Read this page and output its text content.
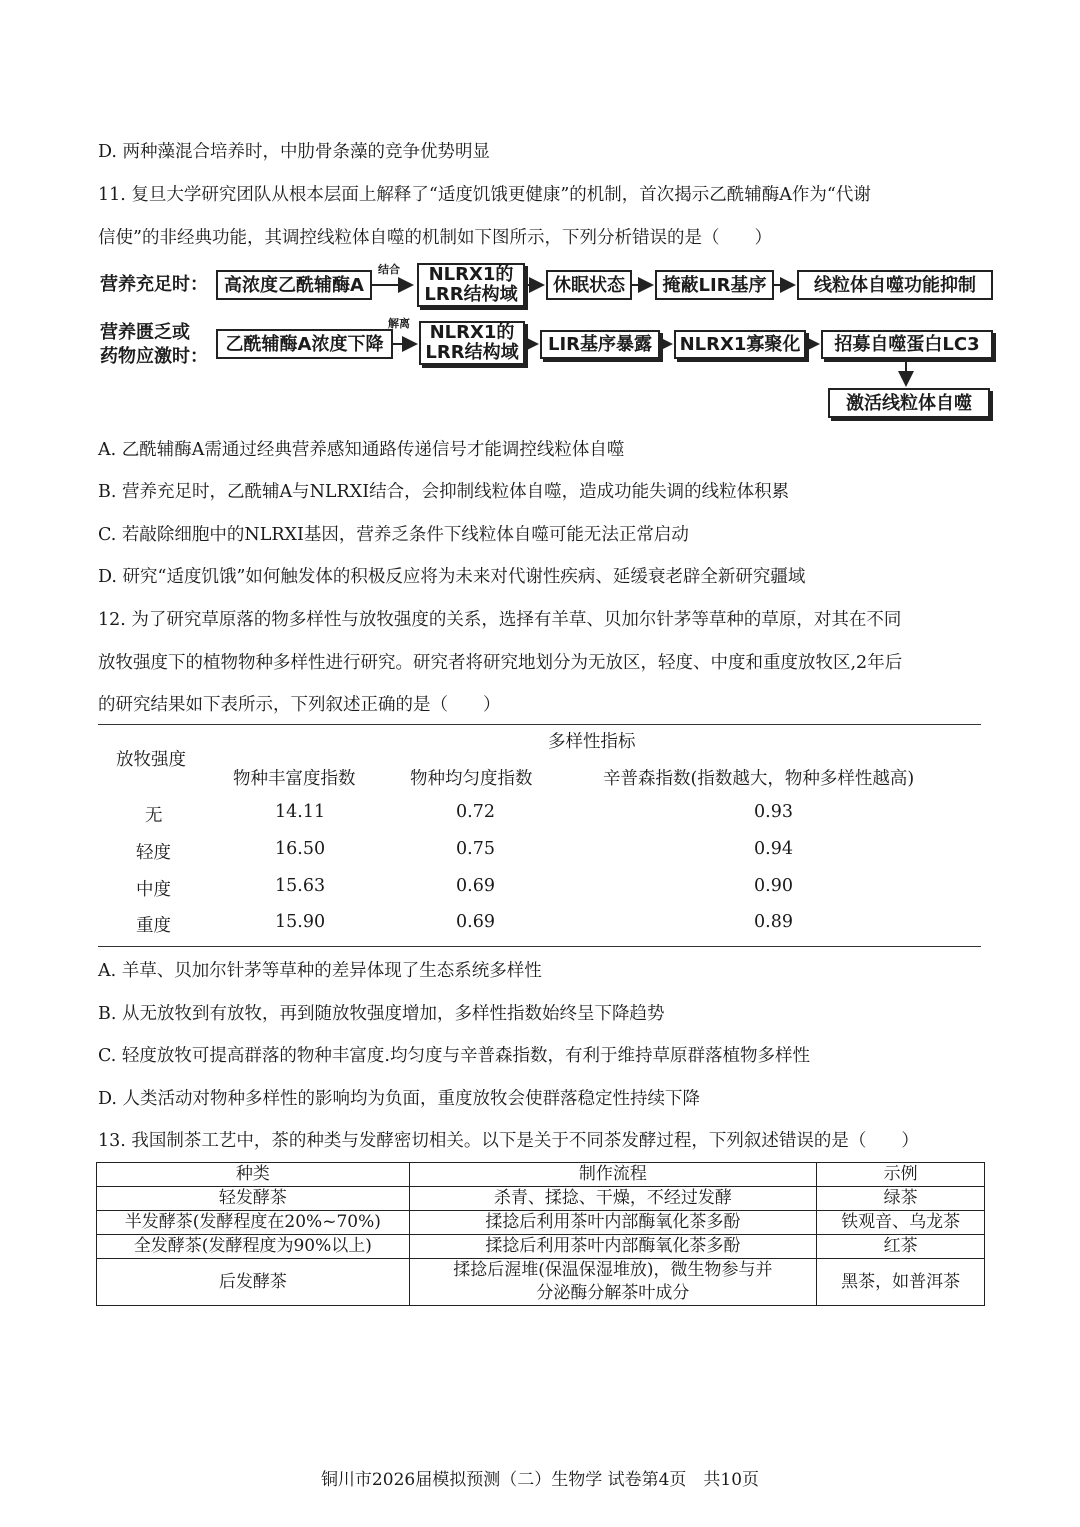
D. 两种藻混合培养时，中肋骨条藻的竞争优势明显
11. 复旦大学研究团队从根本层面上解释了“适度饥饿更健康”的机制，首次揭示乙酰辅酶A作为“代谢
信使”的非经典功能，其调控线粒体自噬的机制如下图所示，下列分析错误的是（　　）
营养充足时： 高浓度乙酰辅酶A
结合 NLRX1的
LRR结构域	休眠状态	掩蔽LIR基序	线粒体自噬功能抑制
营养匮乏或
药物应激时：
乙酰辅酶A浓度下降
解离 NLRX1的
LRR结构域	LIR基序暴露	NLRX1寡聚化	招募自噬蛋白LC3
激活线粒体自噬
A. 乙酰辅酶A需通过经典营养感知通路传递信号才能调控线粒体自噬
B. 营养充足时，乙酰辅A与NLRXI结合，会抑制线粒体自噬，造成功能失调的线粒体积累
C. 若敲除细胞中的NLRXI基因，营养乏条件下线粒体自噬可能无法正常启动
D. 研究“适度饥饿”如何触发体的积极反应将为未来对代谢性疾病、延缓衰老辟全新研究疆域
12. 为了研究草原落的物多样性与放牧强度的关系，选择有羊草、贝加尔针茅等草种的草原，对其在不同
放牧强度下的植物物种多样性进行研究。研究者将研究地划分为无放区，轻度、中度和重度放牧区,2年后
的研究结果如下表所示，下列叙述正确的是（　　）
多样性指标
放牧强度
物种丰富度指数	物种均匀度指数	辛普森指数(指数越大，物种多样性越高)
无	14.11	0.72	0.93
轻度	16.50	0.75	0.94
中度	15.63	0.69	0.90
重度	15.90	0.69	0.89
A. 羊草、贝加尔针茅等草种的差异体现了生态系统多样性
B. 从无放牧到有放牧，再到随放牧强度增加，多样性指数始终呈下降趋势
C. 轻度放牧可提高群落的物种丰富度.均匀度与辛普森指数，有利于维持草原群落植物多样性
D. 人类活动对物种多样性的影响均为负面，重度放牧会使群落稳定性持续下降
13. 我国制茶工艺中，茶的种类与发酵密切相关。以下是关于不同茶发酵过程，下列叙述错误的是（　　）
种类	制作流程	示例
轻发酵茶	杀青、揉捻、干燥，不经过发酵	绿茶
半发酵茶(发酵程度在20%~70%)	揉捻后利用茶叶内部酶氧化茶多酚	铁观音、乌龙茶
全发酵茶(发酵程度为90%以上)	揉捻后利用茶叶内部酶氧化茶多酚	红茶
后发酵茶	揉捻后渥堆(保温保湿堆放)，微生物参与并
分泌酶分解茶叶成分	黑茶，如普洱茶
铜川市2026届模拟预测（二）生物学 试卷第4页　共10页
